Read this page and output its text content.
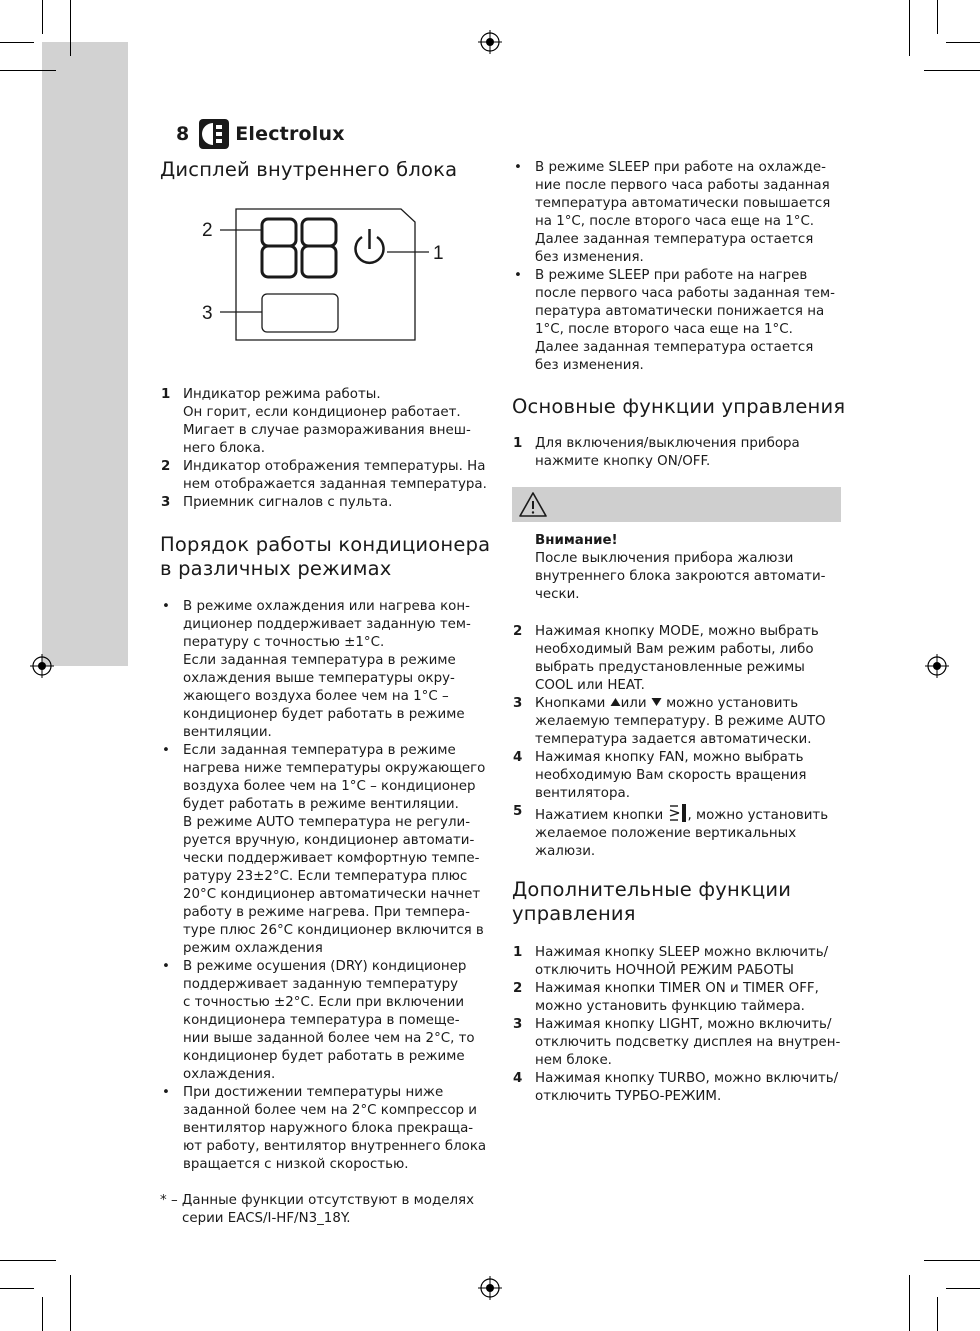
8 Electrolux
Дисплей внутреннего блока
2
1
3
1 Индикатор режима работы.
Он горит, если кондиционер работает.
Мигает в случае размораживания внеш-
него блока.
2 Индикатор отображения температуры. На
нем отображается заданная температура.
3 Приемник сигналов с пульта.
Порядок работы кондиционера
в различных режимах
• В режиме охлаждения или нагрева кон-
диционер поддерживает заданную тем-
пературу с точностью ±1°C.
Если заданная температура в режиме
охлаждения выше температуры окру-
жающего воздуха более чем на 1°C –
кондиционер будет работать в режиме
вентиляции.
• Если заданная температура в режиме
нагрева ниже температуры окружающего
воздуха более чем на 1°C – кондиционер
будет работать в режиме вентиляции.
В режиме AUTO температура не регули-
руется вручную, кондиционер автомати-
чески поддерживает комфортную темпе-
ратуру 23±2°C. Если температура плюс
20°C кондиционер автоматически начнет
работу в режиме нагрева. При темпера-
туре плюс 26°C кондиционер включится в
режим охлаждения
• В режиме осушения (DRY) кондиционер
поддерживает заданную температуру
с точностью ±2°C. Если при включении
кондиционера температура в помеще-
нии выше заданной более чем на 2°C, то
кондиционер будет работать в режиме
охлаждения.
• При достижении температуры ниже
заданной более чем на 2°C компрессор и
вентилятор наружного блока прекраща-
ют работу, вентилятор внутреннего блока
вращается с низкой скоростью.
* – Данные функции отсутствуют в моделях
серии EACS/I-HF/N3_18Y.
• В режиме SLEEP при работе на охлажде-
ние после первого часа работы заданная
температура автоматически повышается
на 1°C, после второго часа еще на 1°C.
Далее заданная температура остается
без изменения.
• В режиме SLEEP при работе на нагрев
после первого часа работы заданная тем-
пература автоматически понижается на
1°C, после второго часа еще на 1°C.
Далее заданная температура остается
без изменения.
Основные функции управления
1 Для включения/выключения прибора
нажмите кнопку ON/OFF.
Внимание!
После выключения прибора жалюзи
внутреннего блока закроются автомати-
чески.
2 Нажимая кнопку MODE, можно выбрать
необходимый Вам режим работы, либо
выбрать предустановленные режимы
COOL или HEAT.
3 Кнопками или можно установить
желаемую температуру. В режиме AUTO
температура задается автоматически.
4 Нажимая кнопку FAN, можно выбрать
необходимую Вам скорость вращения
вентилятора.
5 Нажатием кнопки , можно установить
желаемое положение вертикальных
жалюзи.
Дополнительные функции
управления
1 Нажимая кнопку SLEEP можно включить/
отключить НОЧНОЙ РЕЖИМ РАБОТЫ
2 Нажимая кнопки TIMER ON и TIMER OFF,
можно установить функцию таймера.
3 Нажимая кнопку LIGHT, можно включить/
отключить подсветку дисплея на внутрен-
нем блоке.
4 Нажимая кнопку TURBO, можно включить/
отключить ТУРБО-РЕЖИМ.
